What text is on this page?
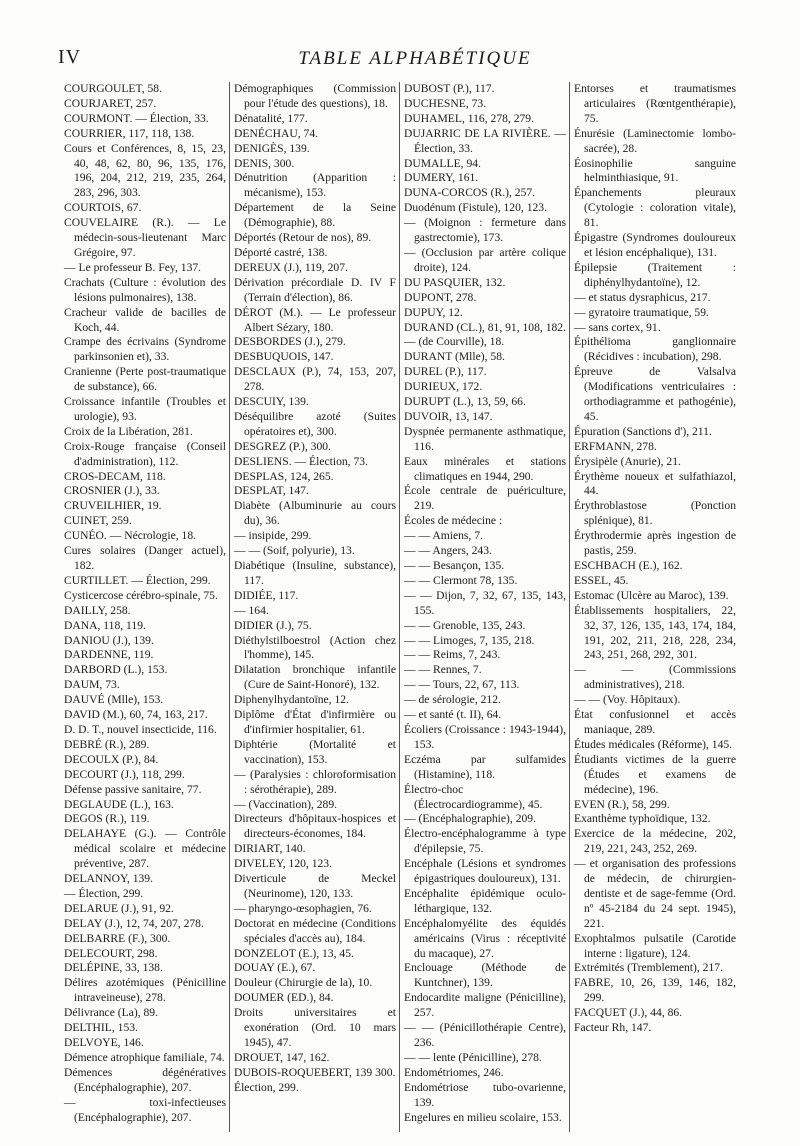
IV	TABLE ALPHABÉTIQUE

COURGOULET, 58.

COURJARET, 257.

COURMONT. — Élection, 33.

COURRIER, 117, 118, 138.

Cours et Conférences, 8, 15, 23, 40, 48, 62, 80, 96, 135, 176, 196, 204, 212, 219, 235, 264, 283, 296, 303.

COURTOIS, 67.

COUVELAIRE (R.). — Le médecin-sous-lieutenant Marc Grégoire, 97.

— Le professeur B. Fey, 137.

Crachats (Culture : évolution des lésions pulmonaires), 138.

Cracheur valide de bacilles de Koch, 44.

Crampe des écrivains (Syndrome parkinsonien et), 33.

Cranienne (Perte post-traumatique de substance), 66.

Croissance infantile (Troubles et urologie), 93.

Croix de la Libération, 281.

Croix-Rouge française (Conseil d'administration), 112.

CROS-DECAM, 118.

CROSNIER (J.), 33.

CRUVEILHIER, 19.

CUINET, 259.

CUNÉO. — Nécrologie, 18.

Cures solaires (Danger actuel), 182.

CURTILLET. — Élection, 299.

Cysticercose cérébro-spinale, 75.

DAILLY, 258.

DANA, 118, 119.

DANIOU (J.), 139.

DARDENNE, 119.

DARBORD (L.), 153.

DAUM, 73.

DAUVÉ (Mlle), 153.

DAVID (M.), 60, 74, 163, 217.

D. D. T., nouvel insecticide, 116.

DEBRÉ (R.), 289.

DECOULX (P.), 84.

DECOURT (J.), 118, 299.

Défense passive sanitaire, 77.

DEGLAUDE (L.), 163.

DEGOS (R.), 119.

DELAHAYE (G.). — Contrôle médical scolaire et médecine préventive, 287.

DELANNOY, 139.

— Élection, 299.

DELARUE (J.), 91, 92.

DELAY (J.), 12, 74, 207, 278.

DELBARRE (F.), 300.

DELECOURT, 298.

DELÉPINE, 33, 138.

Délires azotémiques (Pénicilline intraveineuse), 278.

Délivrance (La), 89.

DELTHIL, 153.

DELVOYE, 146.

Démence atrophique familiale, 74.

Démences dégénératives (Encéphalographie), 207.

— toxi-infectieuses (Encéphalographie), 207.

Démographiques (Commission pour l'étude des questions), 18.

Dénatalité, 177.

DENÉCHAU, 74.

DENIGÈS, 139.

DENIS, 300.

Dénutrition (Apparition : mécanisme), 153.

Département de la Seine (Démographie), 88.

Déportés (Retour de nos), 89.

Déporté castré, 138.

DEREUX (J.), 119, 207.

Dérivation précordiale D. IV F (Terrain d'élection), 86.

DÉROT (M.). — Le professeur Albert Sézary, 180.

DESBORDES (J.), 279.

DESBUQUOIS, 147.

DESCLAUX (P.), 74, 153, 207, 278.

DESCUIY, 139.

Déséquilibre azoté (Suites opératoires et), 300.

DESGREZ (P.), 300.

DESLIENS. — Élection, 73.

DESPLAS, 124, 265.

DESPLAT, 147.

Diabète (Albuminurie au cours du), 36.

— insipide, 299.

— — (Soif, polyurie), 13.

Diabétique (Insuline, substance), 117.

DIDIÉE, 117.

— 164.

DIDIER (J.), 75.

Diéthylstilboestrol (Action chez l'homme), 145.

Dilatation bronchique infantile (Cure de Saint-Honoré), 132.

Diphenylhydantoïne, 12.

Diplôme d'État d'infirmière ou d'infirmier hospitalier, 61.

Diphtérie (Mortalité et vaccination), 153.

— (Paralysies : chloroformisation : sérothérapie), 289.

— (Vaccination), 289.

Directeurs d'hôpitaux-hospices et directeurs-économes, 184.

DIRIART, 140.

DIVELEY, 120, 123.

Diverticule de Meckel (Neurinome), 120, 133.

— pharyngo-œsophagien, 76.

Doctorat en médecine (Conditions spéciales d'accès au), 184.

DONZELOT (E.), 13, 45.

DOUAY (E.), 67.

Douleur (Chirurgie de la), 10.

DOUMER (ED.), 84.

Droits universitaires et exonération (Ord. 10 mars 1945), 47.

DROUET, 147, 162.

DUBOIS-ROQUEBERT, 139 300.

Élection, 299.

DUBOST (P.), 117.

DUCHESNE, 73.

DUHAMEL, 116, 278, 279.

DUJARRIC DE LA RIVIÈRE. — Élection, 33.

DUMALLE, 94.

DUMERY, 161.

DUNA-CORCOS (R.), 257.

Duodénum (Fistule), 120, 123.

— (Moignon : fermeture dans gastrectomie), 173.

— (Occlusion par artère colique droite), 124.

DU PASQUIER, 132.

DUPONT, 278.

DUPUY, 12.

DURAND (CL.), 81, 91, 108, 182.

— (de Courville), 18.

DURANT (Mlle), 58.

DUREL (P.), 117.

DURIEUX, 172.

DURUPT (L.), 13, 59, 66.

DUVOIR, 13, 147.

Dyspnée permanente asthmatique, 116.

Eaux minérales et stations climatiques en 1944, 290.

École centrale de puériculture, 219.

Écoles de médecine :

— — Amiens, 7.

— — Angers, 243.

— — Besançon, 135.

— — Clermont 78, 135.

— — Dijon, 7, 32, 67, 135, 143, 155.

— — Grenoble, 135, 243.

— — Limoges, 7, 135, 218.

— — Reims, 7, 243.

— — Rennes, 7.

— — Tours, 22, 67, 113.

— de sérologie, 212.

— et santé (t. II), 64.

Écoliers (Croissance : 1943-1944), 153.

Eczéma par sulfamides (Histamine), 118.

Électro-choc (Électrocardiogramme), 45.

— (Encéphalographie), 209.

Électro-encéphalogramme à type d'épilepsie, 75.

Encéphale (Lésions et syndromes épigastriques douloureux), 131.

Encéphalite épidémique oculo-léthargique, 132.

Encéphalomyélite des équidés américains (Virus : réceptivité du macaque), 27.

Enclouage (Méthode de Kuntchner), 139.

Endocardite maligne (Pénicilline), 257.

— — (Pénicillothérapie Centre), 236.

— — lente (Pénicilline), 278.

Endométriomes, 246.

Endométriose tubo-ovarienne, 139.

Engelures en milieu scolaire, 153.

Entorses et traumatismes articulaires (Rœntgenthérapie), 75.

Énurésie (Laminectomie lombo-sacrée), 28.

Éosinophilie sanguine helminthiasique, 91.

Épanchements pleuraux (Cytologie : coloration vitale), 81.

Épigastre (Syndromes douloureux et lésion encéphalique), 131.

Épilepsie (Traitement : diphénylhydantoïne), 12.

— et status dysraphicus, 217.

— gyratoire traumatique, 59.

— sans cortex, 91.

Épithélioma ganglionnaire (Récidives : incubation), 298.

Épreuve de Valsalva (Modifications ventriculaires : orthodiagramme et pathogénie), 45.

Épuration (Sanctions d'), 211.

ERFMANN, 278.

Érysipèle (Anurie), 21.

Érythème noueux et sulfathiazol, 44.

Érythroblastose (Ponction splénique), 81.

Érythrodermie après ingestion de pastis, 259.

ESCHBACH (E.), 162.

ESSEL, 45.

Estomac (Ulcère au Maroc), 139.

Établissements hospitaliers, 22, 32, 37, 126, 135, 143, 174, 184, 191, 202, 211, 218, 228, 234, 243, 251, 268, 292, 301.

— — (Commissions administratives), 218.

— — (Voy. Hôpitaux).

État confusionnel et accès maniaque, 289.

Études médicales (Réforme), 145.

Étudiants victimes de la guerre (Études et examens de médecine), 196.

EVEN (R.), 58, 299.

Exanthème typhoïdique, 132.

Exercice de la médecine, 202, 219, 221, 243, 252, 269.

— et organisation des professions de médecin, de chirurgien-dentiste et de sage-femme (Ord. nº 45-2184 du 24 sept. 1945), 221.

Exophtalmos pulsatile (Carotide interne : ligature), 124.

Extrémités (Tremblement), 217.

FABRE, 10, 26, 139, 146, 182, 299.

FACQUET (J.), 44, 86.

Facteur Rh, 147.
